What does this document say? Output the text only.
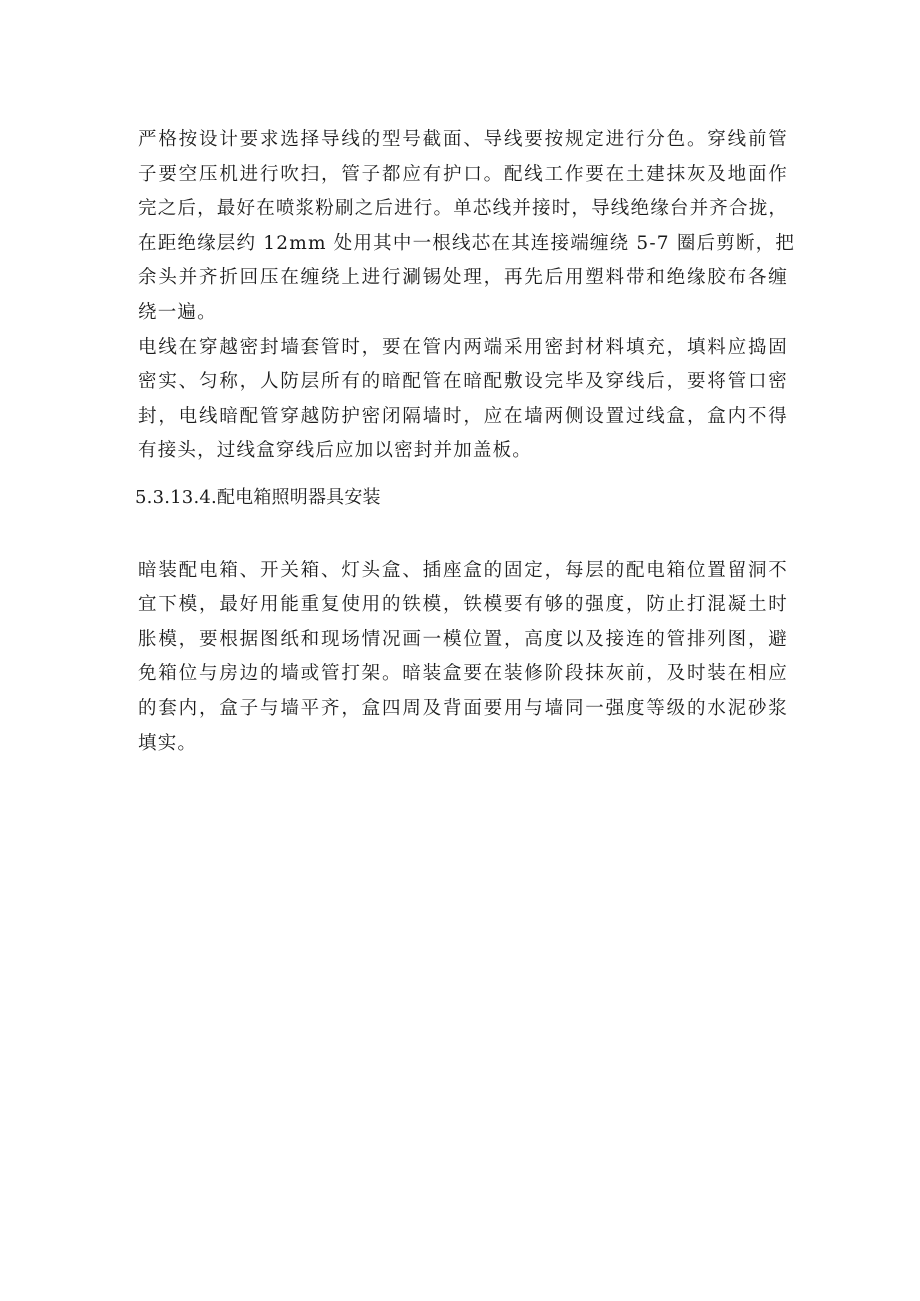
严格按设计要求选择导线的型号截面、导线要按规定进行分色。穿线前管
子要空压机进行吹扫，管子都应有护口。配线工作要在土建抹灰及地面作
完之后，最好在喷浆粉刷之后进行。单芯线并接时，导线绝缘台并齐合拢，
在距绝缘层约 12mm 处用其中一根线芯在其连接端缠绕 5-7 圈后剪断，把
余头并齐折回压在缠绕上进行涮锡处理，再先后用塑料带和绝缘胶布各缠
绕一遍。

电线在穿越密封墙套管时，要在管内两端采用密封材料填充，填料应捣固
密实、匀称，人防层所有的暗配管在暗配敷设完毕及穿线后，要将管口密
封，电线暗配管穿越防护密闭隔墙时，应在墙两侧设置过线盒，盒内不得
有接头，过线盒穿线后应加以密封并加盖板。

5.3.13.4.配电箱照明器具安装

暗装配电箱、开关箱、灯头盒、插座盒的固定，每层的配电箱位置留洞不
宜下模，最好用能重复使用的铁模，铁模要有够的强度，防止打混凝土时
胀模，要根据图纸和现场情况画一模位置，高度以及接连的管排列图，避
免箱位与房边的墙或管打架。暗装盒要在装修阶段抹灰前，及时装在相应
的套内，盒子与墙平齐，盒四周及背面要用与墙同一强度等级的水泥砂浆
填实。
